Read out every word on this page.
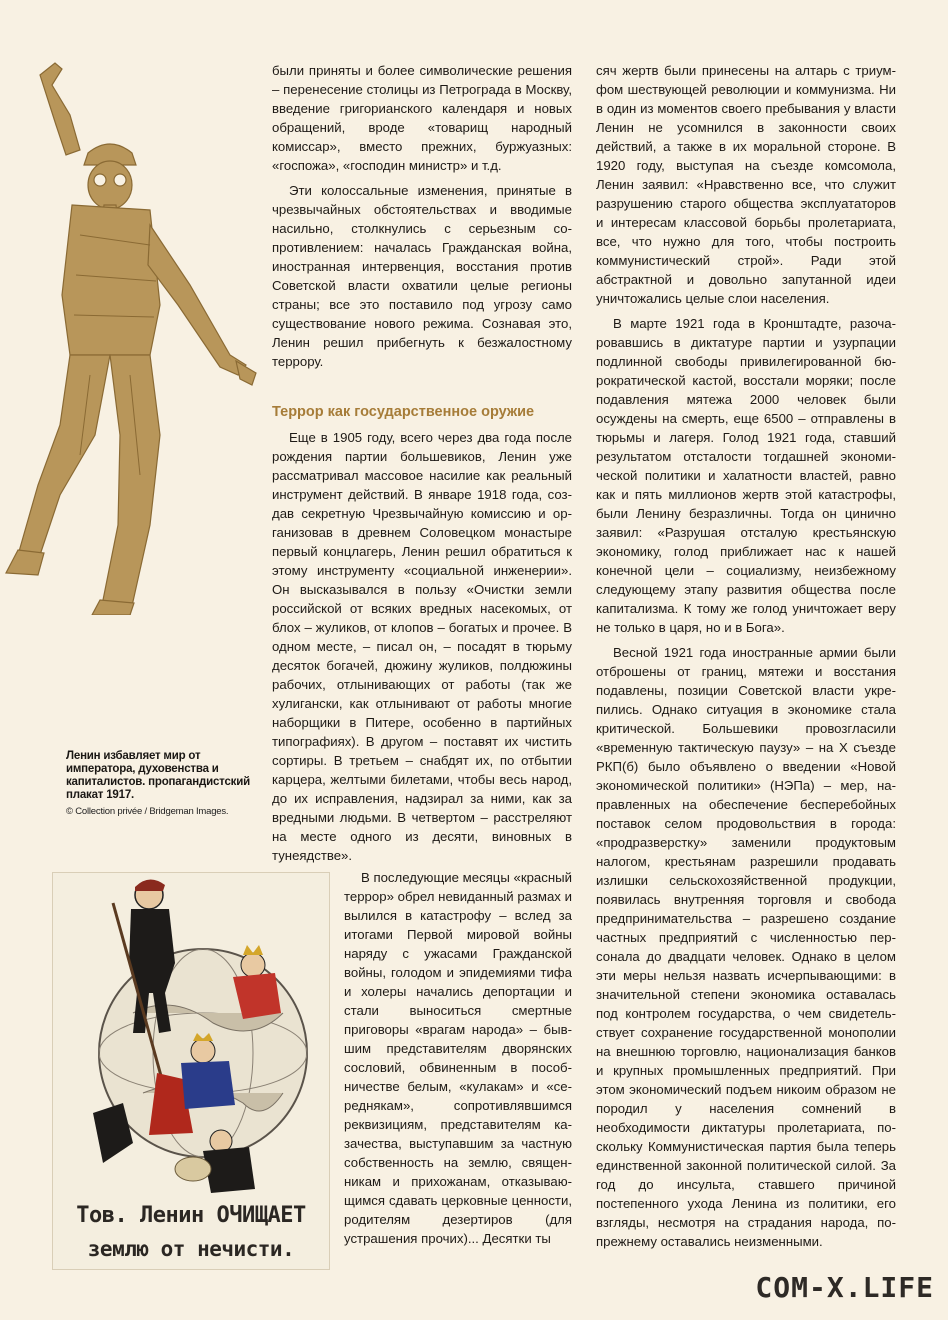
Ленин избавляет мир от императора, духовенства и капиталистов. пропагандистский плакат 1917.
© Collection privée / Bridgeman Images.
Тов. Ленин ОЧИЩАЕТ
землю от нечисти.

были приняты и более символические решения – перенесение столицы из Петрограда в Москву, введение григорианского календаря и новых обращений, вроде «товарищ народный комиссар», вместо прежних, буржуазных: «госпожа», «господин министр» и т.д.

Эти колоссальные изменения, принятые в чрезвычайных обстоятельствах и вводимые насильно, столкнулись с серьезным сопротивлением: началась Гражданская война, иностранная интервенция, восстания против Советской власти охватили целые регионы страны; все это поставило под угрозу само существование нового режима. Сознавая это, Ленин решил прибегнуть к безжалостному террору.

Террор как государственное оружие

Еще в 1905 году, всего через два года после рождения партии большевиков, Ленин уже рассматривал массовое насилие как реальный инструмент действий. В январе 1918 года, создав секретную Чрезвычайную комиссию и организовав в древнем Соловецком монастыре первый концлагерь, Ленин решил обратиться к этому инструменту «социальной инженерии». Он высказывался в пользу «Очистки земли российской от всяких вредных насекомых, от блох – жуликов, от клопов – богатых и прочее. В одном месте, – писал он, – посадят в тюрьму десяток богачей, дюжину жуликов, полдюжины рабочих, отлынивающих от работы (так же хулигански, как отлынивают от работы многие наборщики в Питере, особенно в партийных типографиях). В другом – поставят их чистить сортиры. В третьем – снабдят их, по отбытии карцера, желтыми билетами, чтобы весь народ, до их исправления, надзирал за ними, как за вредными людьми. В четвертом – расстреляют на месте одного из десяти, виновных в тунеядстве».

В последующие месяцы «красный террор» обрел невиданный размах и вылился в катастрофу – вслед за итогами Первой мировой войны наряду с ужасами Гражданской войны, голодом и эпидемиями тифа и холеры начались депортации и стали выноситься смертные приговоры «врагам народа» – бывшим представителям дворянских сословий, обвиненным в пособничестве белым, «кулакам» и «середнякам», сопротивлявшимся реквизициям, представителям казачества, выступавшим за частную собственность на землю, священникам и прихожанам, отказывающимся сдавать церковные ценности, родителям дезертиров (для устрашения прочих)... Десятки ты

сяч жертв были принесены на алтарь с триумфом шествующей революции и коммунизма. Ни в один из моментов своего пребывания у власти Ленин не усомнился в законности своих действий, а также в их моральной стороне. В 1920 году, выступая на съезде комсомола, Ленин заявил: «Нравственно все, что служит разрушению старого общества эксплуататоров и интересам классовой борьбы пролетариата, все, что нужно для того, чтобы построить коммунистический строй». Ради этой абстрактной и довольно запутанной идеи уничтожались целые слои населения.

В марте 1921 года в Кронштадте, разочаровавшись в диктатуре партии и узурпации подлинной свободы привилегированной бюрократической кастой, восстали моряки; после подавления мятежа 2000 человек были осуждены на смерть, еще 6500 – отправлены в тюрьмы и лагеря. Голод 1921 года, ставший результатом отсталости тогдашней экономической политики и халатности властей, равно как и пять миллионов жертв этой катастрофы, были Ленину безразличны. Тогда он цинично заявил: «Разрушая отсталую крестьянскую экономику, голод приближает нас к нашей конечной цели – социализму, неизбежному следующему этапу развития общества после капитализма. К тому же голод уничтожает веру не только в царя, но и в Бога».

Весной 1921 года иностранные армии были отброшены от границ, мятежи и восстания подавлены, позиции Советской власти укрепились. Однако ситуация в экономике стала критической. Большевики провозгласили «временную тактическую паузу» – на X съезде РКП(б) было объявлено о введении «Новой экономической политики» (НЭПа) – мер, направленных на обеспечение бесперебойных поставок селом продовольствия в города: «продразверстку» заменили продуктовым налогом, крестьянам разрешили продавать излишки сельскохозяйственной продукции, появилась внутренняя торговля и свобода предпринимательства – разрешено создание частных предприятий с численностью персонала до двадцати человек. Однако в целом эти меры нельзя назвать исчерпывающими: в значительной степени экономика оставалась под контролем государства, о чем свидетельствует сохранение государственной монополии на внешнюю торговлю, национализация банков и крупных промышленных предприятий. При этом экономический подъем никоим образом не породил у населения сомнений в необходимости диктатуры пролетариата, поскольку Коммунистическая партия была теперь единственной законной политической силой. За год до инсульта, ставшего причиной постепенного ухода Ленина из политики, его взгляды, несмотря на страдания народа, по-прежнему оставались неизменными.

COM-X.LIFE
